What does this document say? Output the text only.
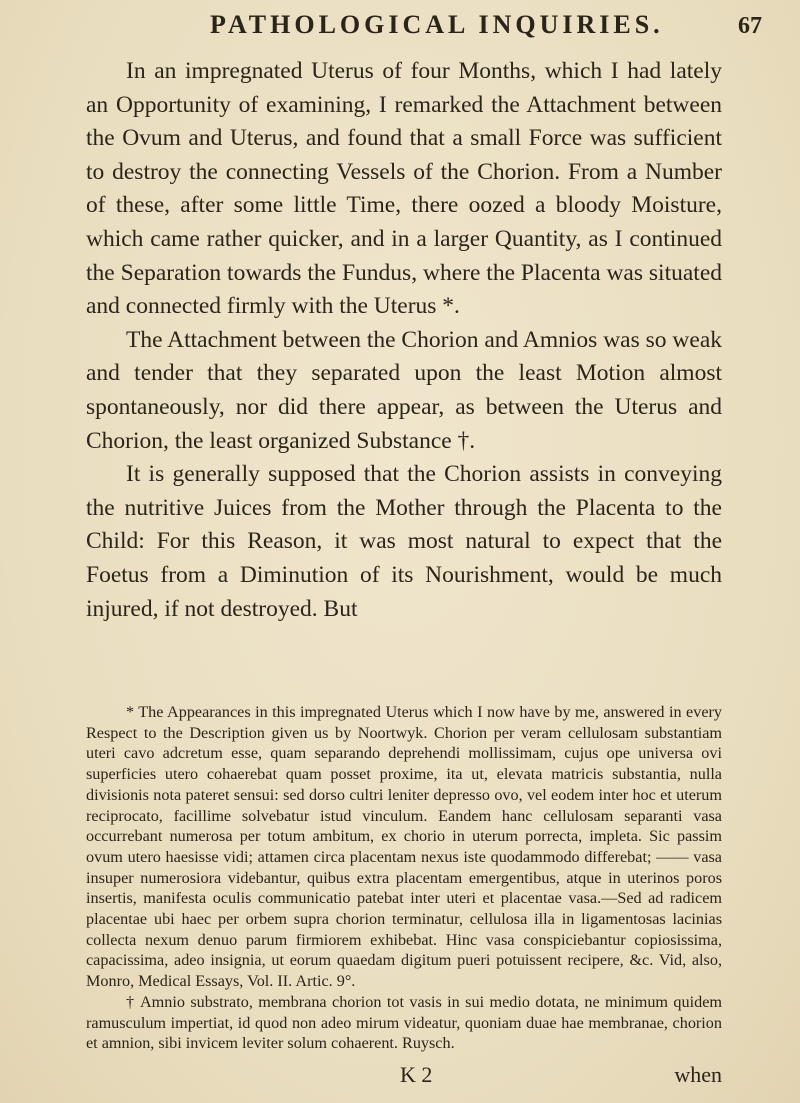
PATHOLOGICAL INQUIRIES.	67

In an impregnated Uterus of four Months, which I had lately an Opportunity of examining, I remarked the Attachment between the Ovum and Uterus, and found that a small Force was sufficient to destroy the connecting Vessels of the Chorion. From a Number of these, after some little Time, there oozed a bloody Moisture, which came rather quicker, and in a larger Quantity, as I continued the Separation towards the Fundus, where the Placenta was situated and connected firmly with the Uterus *.

The Attachment between the Chorion and Amnios was so weak and tender that they separated upon the least Motion almost spontaneously, nor did there appear, as between the Uterus and Chorion, the least organized Substance †.

It is generally supposed that the Chorion assists in conveying the nutritive Juices from the Mother through the Placenta to the Child: For this Reason, it was most natural to expect that the Foetus from a Diminution of its Nourishment, would be much injured, if not destroyed. But

* The Appearances in this impregnated Uterus which I now have by me, answered in every Respect to the Description given us by Noortwyk. Chorion per veram cellulosam substantiam uteri cavo adcretum esse, quam separando deprehendi mollissimam, cujus ope universa ovi superficies utero cohaerebat quam posset proxime, ita ut, elevata matricis substantia, nulla divisionis nota pateret sensui: sed dorso cultri leniter depresso ovo, vel eodem inter hoc et uterum reciprocato, facillime solvebatur istud vinculum. Eandem hanc cellulosam separanti vasa occurrebant numerosa per totum ambitum, ex chorio in uterum porrecta, impleta. Sic passim ovum utero haesisse vidi; attamen circa placentam nexus iste quodammodo differebat; —— vasa insuper numerosiora videbantur, quibus extra placentam emergentibus, atque in uterinos poros insertis, manifesta oculis communicatio patebat inter uteri et placentae vasa.—Sed ad radicem placentae ubi haec per orbem supra chorion terminatur, cellulosa illa in ligamentosas lacinias collecta nexum denuo parum firmiorem exhibebat. Hinc vasa conspiciebantur copiosissima, capacissima, adeo insignia, ut eorum quaedam digitum pueri potuissent recipere, &c. Vid, also, Monro, Medical Essays, Vol. II. Artic. 9°.

† Amnio substrato, membrana chorion tot vasis in sui medio dotata, ne minimum quidem ramusculum impertiat, id quod non adeo mirum videatur, quoniam duae hae membranae, chorion et amnion, sibi invicem leviter solum cohaerent. Ruysch.

K 2	when
